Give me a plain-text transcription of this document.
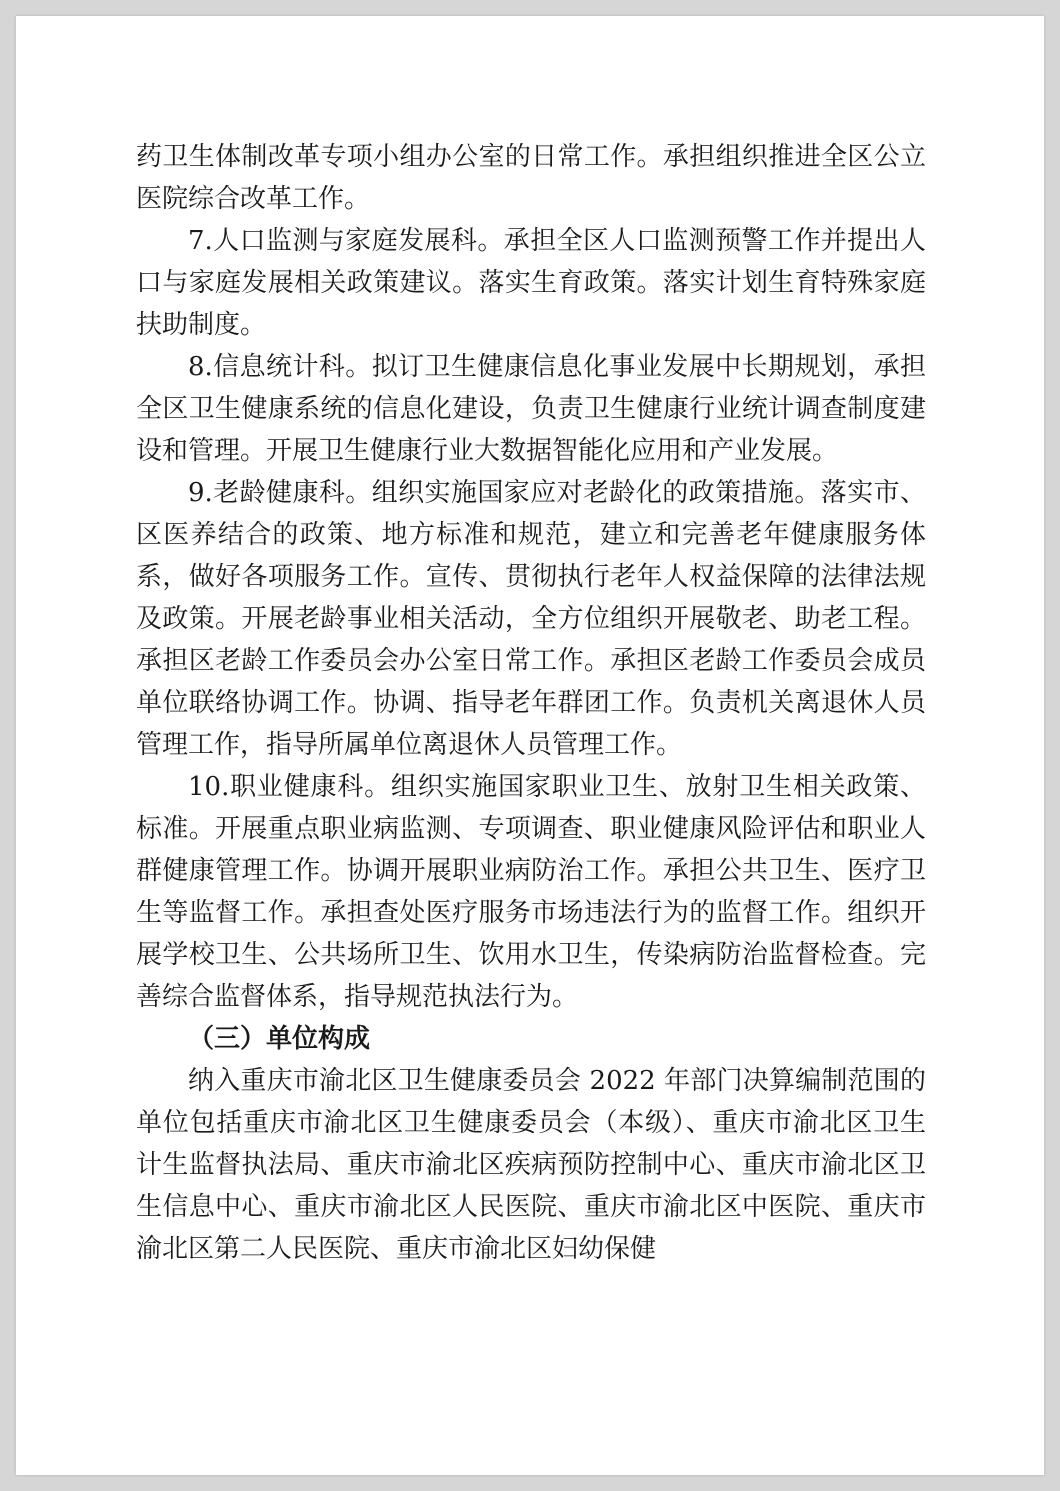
药卫生体制改革专项小组办公室的日常工作。承担组织推进全区公立医院综合改革工作。

7.人口监测与家庭发展科。承担全区人口监测预警工作并提出人口与家庭发展相关政策建议。落实生育政策。落实计划生育特殊家庭扶助制度。

8.信息统计科。拟订卫生健康信息化事业发展中长期规划，承担全区卫生健康系统的信息化建设，负责卫生健康行业统计调查制度建设和管理。开展卫生健康行业大数据智能化应用和产业发展。

9.老龄健康科。组织实施国家应对老龄化的政策措施。落实市、区医养结合的政策、地方标准和规范，建立和完善老年健康服务体系，做好各项服务工作。宣传、贯彻执行老年人权益保障的法律法规及政策。开展老龄事业相关活动，全方位组织开展敬老、助老工程。承担区老龄工作委员会办公室日常工作。承担区老龄工作委员会成员单位联络协调工作。协调、指导老年群团工作。负责机关离退休人员管理工作，指导所属单位离退休人员管理工作。

10.职业健康科。组织实施国家职业卫生、放射卫生相关政策、标准。开展重点职业病监测、专项调查、职业健康风险评估和职业人群健康管理工作。协调开展职业病防治工作。承担公共卫生、医疗卫生等监督工作。承担查处医疗服务市场违法行为的监督工作。组织开展学校卫生、公共场所卫生、饮用水卫生，传染病防治监督检查。完善综合监督体系，指导规范执法行为。

（三）单位构成

纳入重庆市渝北区卫生健康委员会 2022 年部门决算编制范围的单位包括重庆市渝北区卫生健康委员会（本级）、重庆市渝北区卫生计生监督执法局、重庆市渝北区疾病预防控制中心、重庆市渝北区卫生信息中心、重庆市渝北区人民医院、重庆市渝北区中医院、重庆市渝北区第二人民医院、重庆市渝北区妇幼保健
